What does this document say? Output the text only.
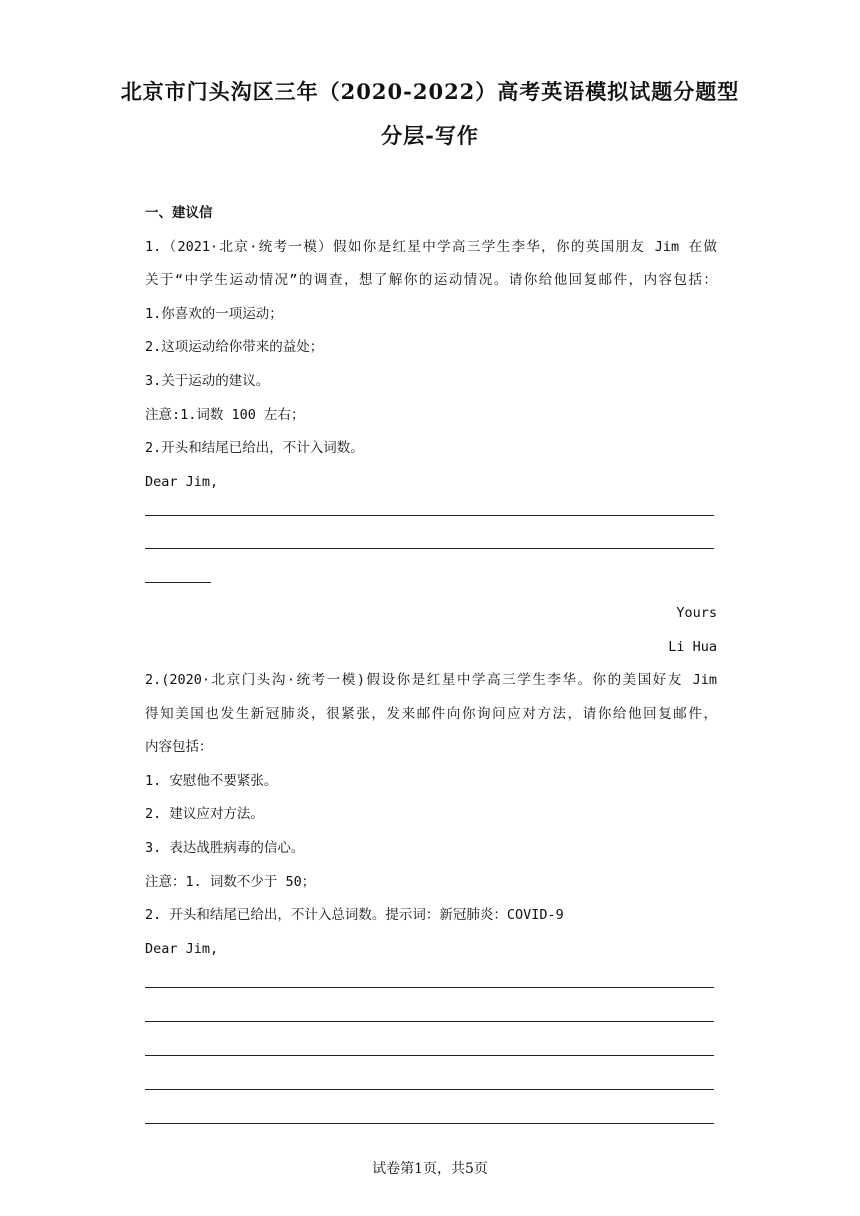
北京市门头沟区三年（2020-2022）高考英语模拟试题分题型
分层-写作
一、建议信
1.（2021·北京·统考一模）假如你是红星中学高三学生李华，你的英国朋友 Jim 在做
关于“中学生运动情况”的调查，想了解你的运动情况。请你给他回复邮件，内容包括：
1.你喜欢的一项运动；
2.这项运动给你带来的益处；
3.关于运动的建议。
注意:1.词数 100 左右；
2.开头和结尾已给出，不计入词数。
Dear Jim,
Yours
Li Hua
2.(2020·北京门头沟·统考一模)假设你是红星中学高三学生李华。你的美国好友 Jim
得知美国也发生新冠肺炎，很紧张，发来邮件向你询问应对方法，请你给他回复邮件，
内容包括：
1. 安慰他不要紧张。
2. 建议应对方法。
3. 表达战胜病毒的信心。
注意：1. 词数不少于 50；
2. 开头和结尾已给出，不计入总词数。提示词：新冠肺炎：COVID-9
Dear Jim,
试卷第1页，共5页
